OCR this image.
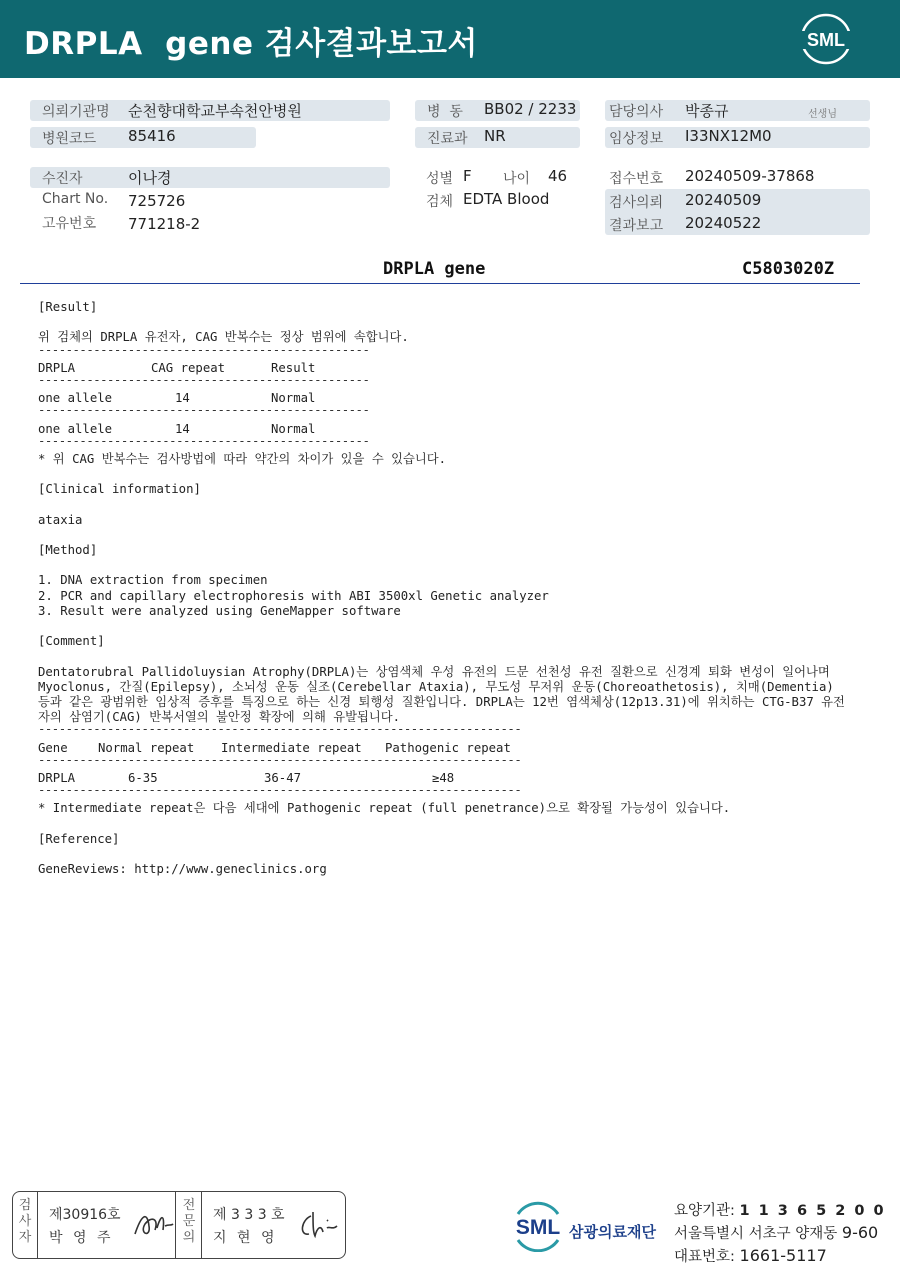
DRPLA  gene 검사결과보고서	SML
의뢰기관명 순천향대학교부속천안병원	병  동 BB02 / 2233 담당의사 박종규	선생님
병원코드 85416	진료과 NR	임상정보 I33NX12M0
수진자	이나경
Chart No. 725726
고유번호 771218-2
성별 F 나이 46
검체 EDTA Blood
접수번호 20240509-37868
검사의뢰 20240509
결과보고 20240522
DRPLA gene	C5803020Z
[Result]
위 검체의 DRPLA 유전자, CAG 반복수는 정상 범위에 속합니다.
------------------------------------------------
DRPLA	CAG repeat	Result
------------------------------------------------
one allele	14	Normal
------------------------------------------------
one allele	14	Normal
------------------------------------------------
* 위 CAG 반복수는 검사방법에 따라 약간의 차이가 있을 수 있습니다.
[Clinical information]
ataxia
[Method]
1. DNA extraction from specimen
2. PCR and capillary electrophoresis with ABI 3500xl Genetic analyzer
3. Result were analyzed using GeneMapper software
[Comment]
Dentatorubral Pallidoluysian Atrophy(DRPLA)는 상염색체 우성 유전의 드문 선천성 유전 질환으로 신경계 퇴화 변성이 일어나며 Myoclonus, 간질(Epilepsy), 소뇌성 운동 실조(Cerebellar Ataxia), 무도성 무저위 운동(Choreoathetosis), 치매(Dementia) 등과 같은 광범위한 임상적 증후를 특징으로 하는 신경 퇴행성 질환입니다. DRPLA는 12번 염색체상(12p13.31)에 위치하는 CTG-B37 유전자의 삼염기(CAG) 반복서열의 불안정 확장에 의해 유발됩니다.
----------------------------------------------------------------------
Gene Normal repeat Intermediate repeat Pathogenic repeat
----------------------------------------------------------------------
DRPLA	6-35	36-47	≥48
----------------------------------------------------------------------
* Intermediate repeat은 다음 세대에 Pathogenic repeat (full penetrance)으로 확장될 가능성이 있습니다.
[Reference]
GeneReviews: http://www.geneclinics.org
검
사
자
제30916호
박 영 주
전
문
의
제 3 3 3 호
지 현 영	SML 삼광의료재단
요양기관: 1 1 3 6 5 2 0 0
서울특별시 서초구 양재동 9-60
대표번호: 1661-5117
